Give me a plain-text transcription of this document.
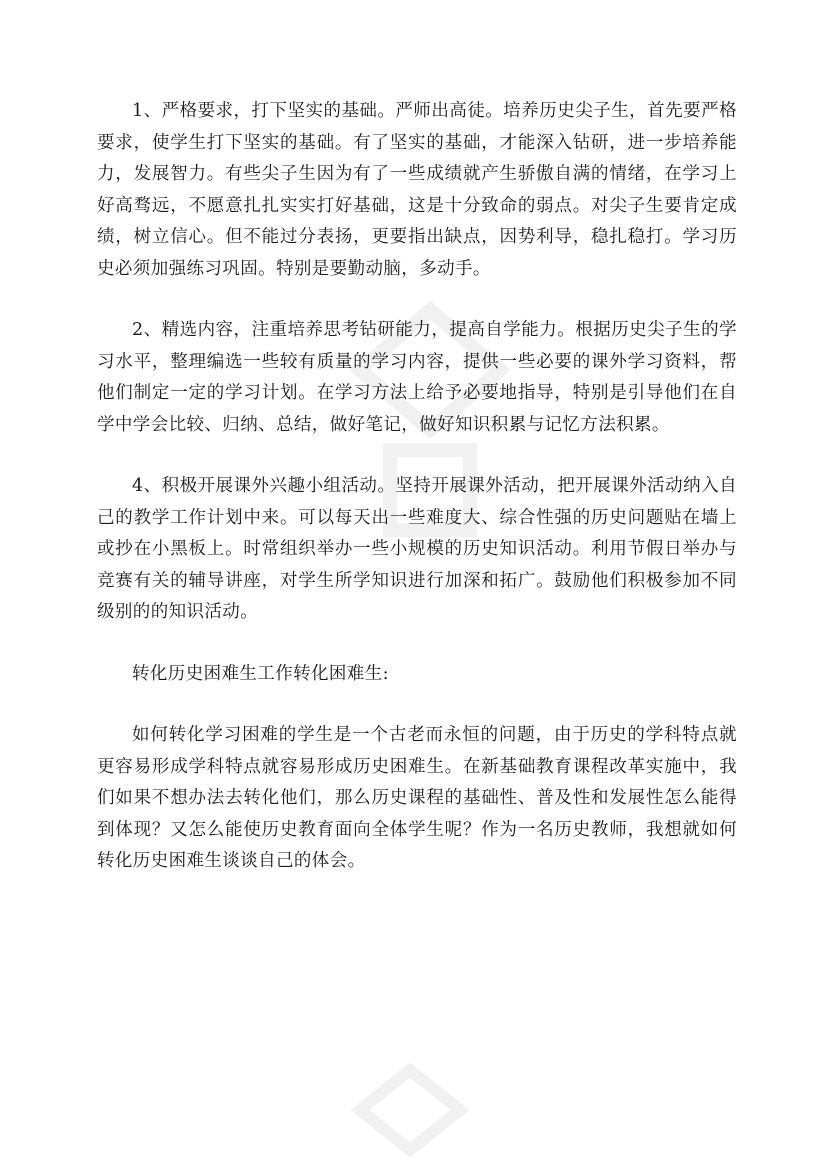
1、严格要求，打下坚实的基础。严师出高徒。培养历史尖子生，首先要严格要求，使学生打下坚实的基础。有了坚实的基础，才能深入钻研，进一步培养能力，发展智力。有些尖子生因为有了一些成绩就产生骄傲自满的情绪，在学习上好高骛远，不愿意扎扎实实打好基础，这是十分致命的弱点。对尖子生要肯定成绩，树立信心。但不能过分表扬，更要指出缺点，因势利导，稳扎稳打。学习历史必须加强练习巩固。特别是要勤动脑，多动手。

2、精选内容，注重培养思考钻研能力，提高自学能力。根据历史尖子生的学习水平，整理编选一些较有质量的学习内容，提供一些必要的课外学习资料，帮他们制定一定的学习计划。在学习方法上给予必要地指导，特别是引导他们在自学中学会比较、归纳、总结，做好笔记，做好知识积累与记忆方法积累。

4、积极开展课外兴趣小组活动。坚持开展课外活动，把开展课外活动纳入自己的教学工作计划中来。可以每天出一些难度大、综合性强的历史问题贴在墙上或抄在小黑板上。时常组织举办一些小规模的历史知识活动。利用节假日举办与竞赛有关的辅导讲座，对学生所学知识进行加深和拓广。鼓励他们积极参加不同级别的的知识活动。

转化历史困难生工作转化困难生:

如何转化学习困难的学生是一个古老而永恒的问题，由于历史的学科特点就更容易形成学科特点就容易形成历史困难生。在新基础教育课程改革实施中，我们如果不想办法去转化他们，那么历史课程的基础性、普及性和发展性怎么能得到体现？又怎么能使历史教育面向全体学生呢？作为一名历史教师，我想就如何转化历史困难生谈谈自己的体会。
